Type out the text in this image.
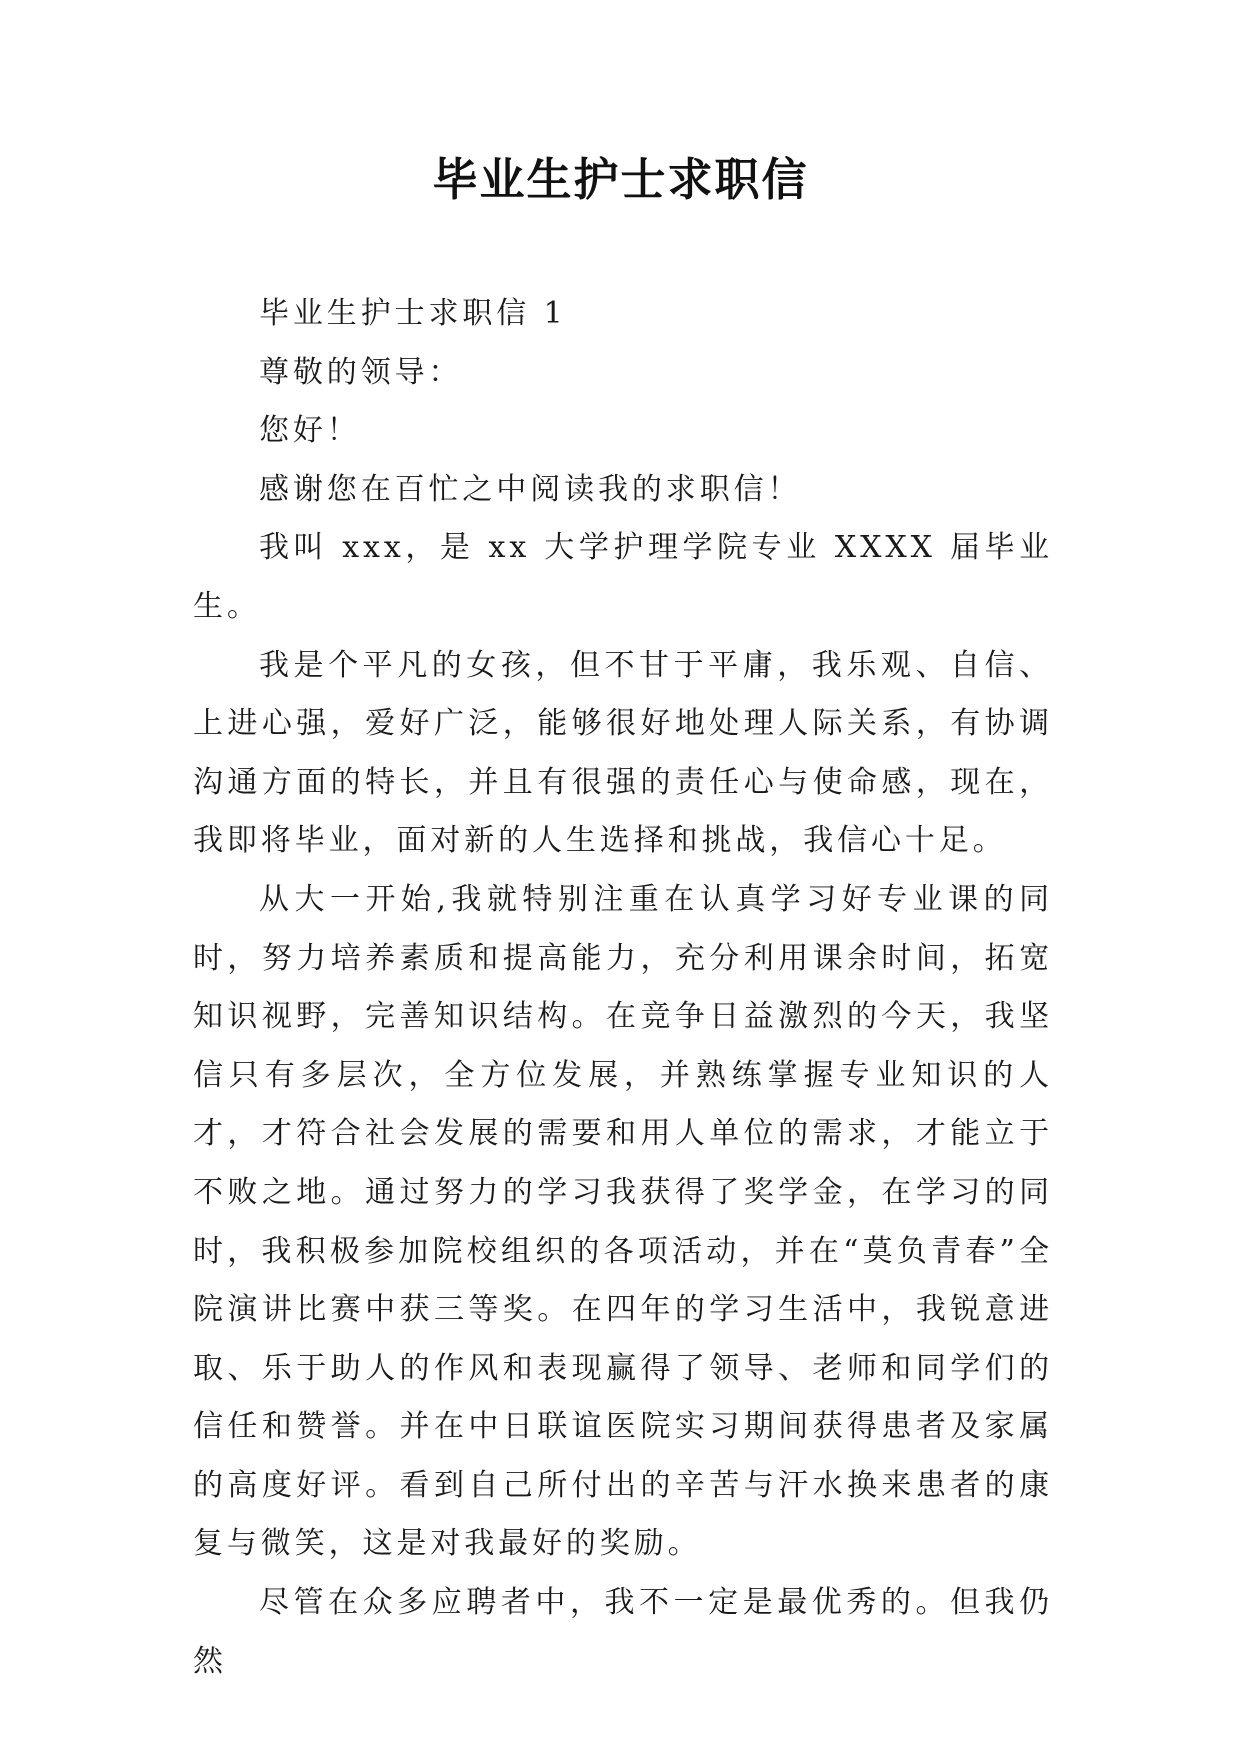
毕业生护士求职信

毕业生护士求职信 1

尊敬的领导：

您好！

感谢您在百忙之中阅读我的求职信！

我叫 xxx，是 xx 大学护理学院专业 XXXX 届毕业生。

我是个平凡的女孩，但不甘于平庸，我乐观、自信、上进心强，爱好广泛，能够很好地处理人际关系，有协调沟通方面的特长，并且有很强的责任心与使命感，现在，我即将毕业，面对新的人生选择和挑战，我信心十足。

从大一开始,我就特别注重在认真学习好专业课的同时，努力培养素质和提高能力，充分利用课余时间，拓宽知识视野，完善知识结构。在竞争日益激烈的今天，我坚信只有多层次，全方位发展，并熟练掌握专业知识的人才，才符合社会发展的需要和用人单位的需求，才能立于不败之地。通过努力的学习我获得了奖学金，在学习的同时，我积极参加院校组织的各项活动，并在“莫负青春”全院演讲比赛中获三等奖。在四年的学习生活中，我锐意进取、乐于助人的作风和表现赢得了领导、老师和同学们的信任和赞誉。并在中日联谊医院实习期间获得患者及家属的高度好评。看到自己所付出的辛苦与汗水换来患者的康复与微笑，这是对我最好的奖励。

尽管在众多应聘者中，我不一定是最优秀的。但我仍然
